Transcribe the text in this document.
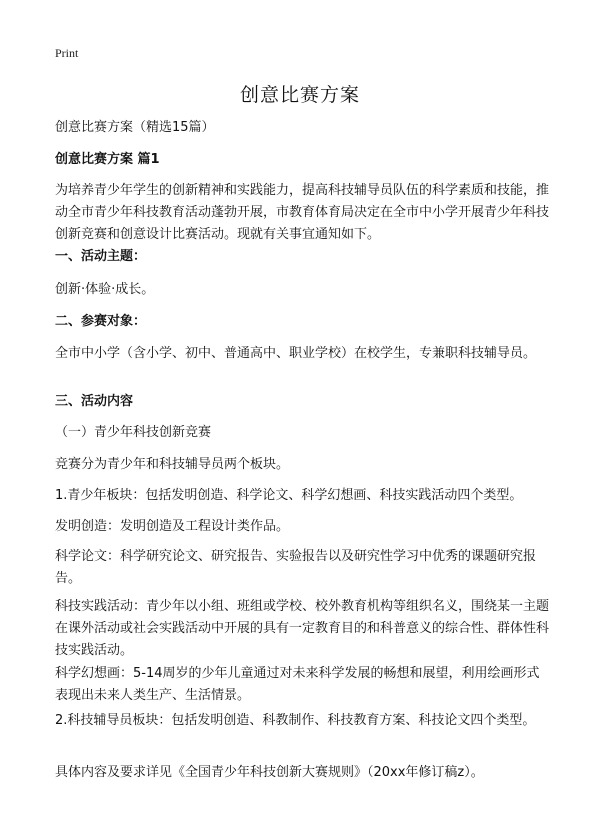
Print
创意比赛方案

创意比赛方案（精选15篇）

创意比赛方案 篇1

为培养青少年学生的创新精神和实践能力，提高科技辅导员队伍的科学素质和技能，推动全市青少年科技教育活动蓬勃开展，市教育体育局决定在全市中小学开展青少年科技创新竞赛和创意设计比赛活动。现就有关事宜通知如下。

一、活动主题：

创新·体验·成长。

二、参赛对象：

全市中小学（含小学、初中、普通高中、职业学校）在校学生，专兼职科技辅导员。

三、活动内容

（一）青少年科技创新竞赛

竞赛分为青少年和科技辅导员两个板块。

1.青少年板块：包括发明创造、科学论文、科学幻想画、科技实践活动四个类型。

发明创造：发明创造及工程设计类作品。

科学论文：科学研究论文、研究报告、实验报告以及研究性学习中优秀的课题研究报告。

科技实践活动：青少年以小组、班组或学校、校外教育机构等组织名义，围绕某一主题在课外活动或社会实践活动中开展的具有一定教育目的和科普意义的综合性、群体性科技实践活动。

科学幻想画：5-14周岁的少年儿童通过对未来科学发展的畅想和展望，利用绘画形式表现出未来人类生产、生活情景。

2.科技辅导员板块：包括发明创造、科教制作、科技教育方案、科技论文四个类型。

具体内容及要求详见《全国青少年科技创新大赛规则》（20xx年修订稿z）。
